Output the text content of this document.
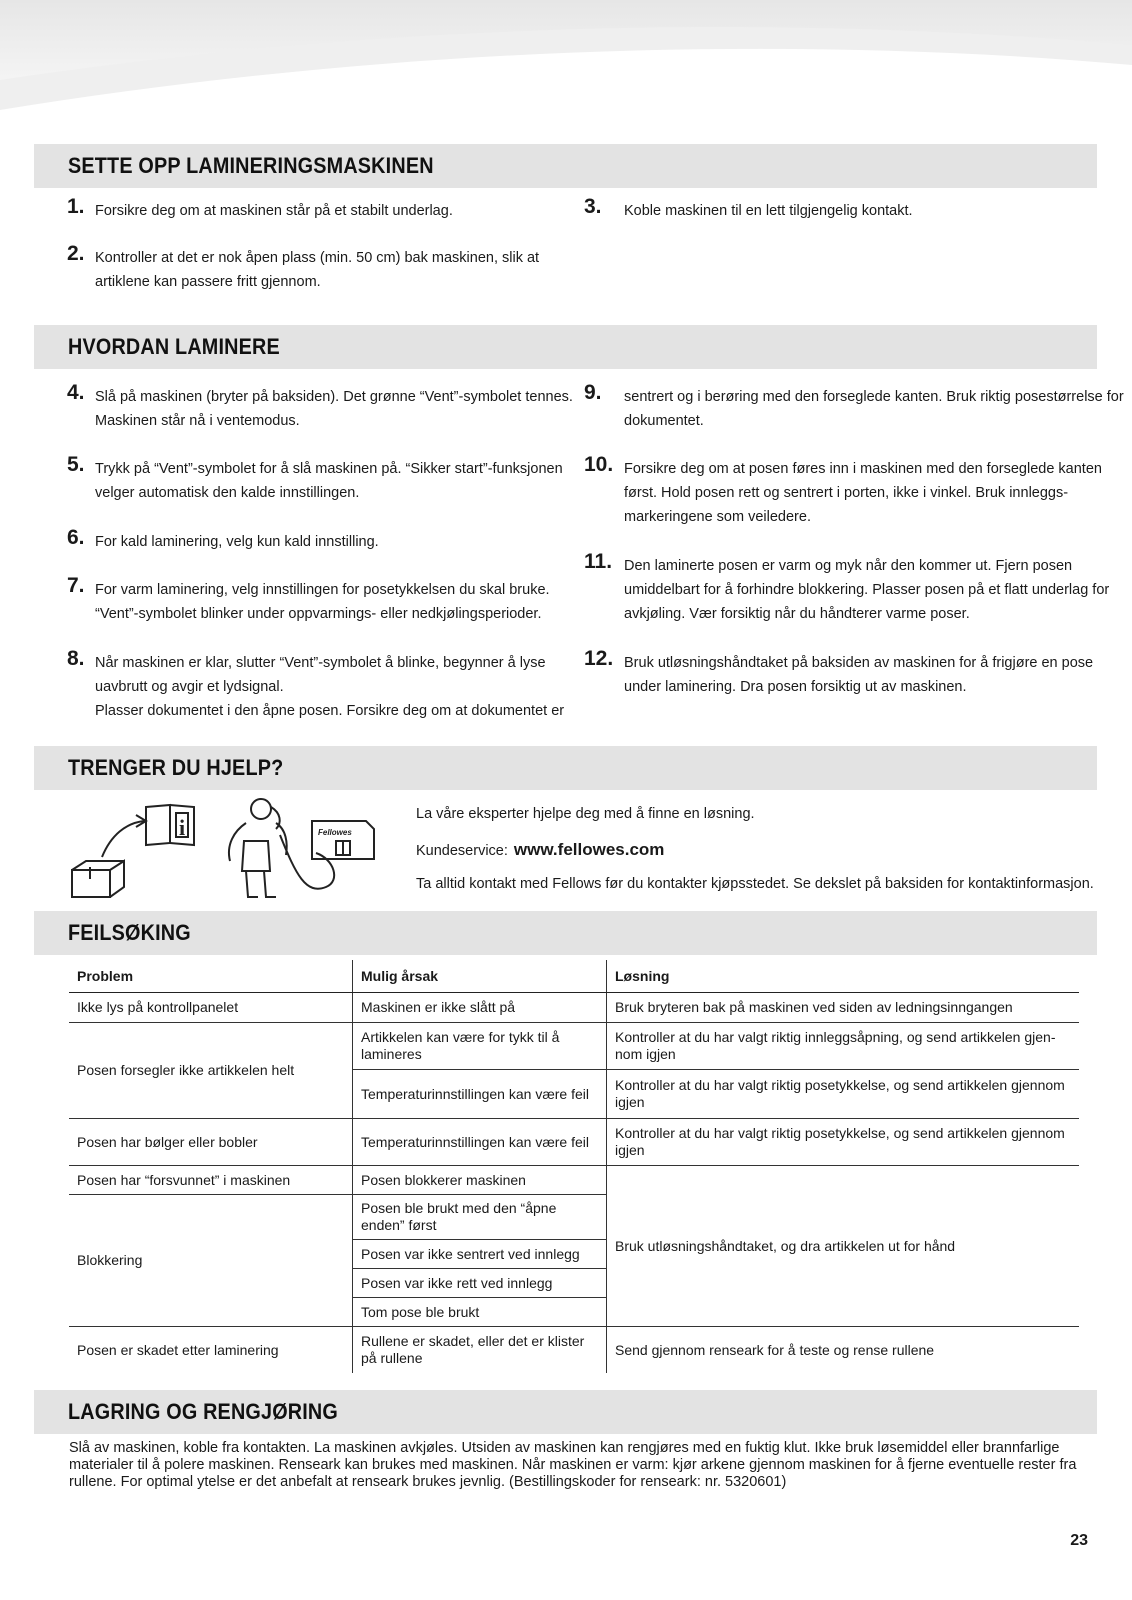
SETTE OPP LAMINERINGSMASKINEN
1. Forsikre deg om at maskinen står på et stabilt underlag.
2. Kontroller at det er nok åpen plass (min. 50 cm) bak maskinen, slik at
artiklene kan passere fritt gjennom.
3. Koble maskinen til en lett tilgjengelig kontakt.
HVORDAN LAMINERE
4. Slå på maskinen (bryter på baksiden). Det grønne “Vent”-symbolet tennes.
Maskinen står nå i ventemodus.
5. Trykk på “Vent”-symbolet for å slå maskinen på. “Sikker start”-funksjonen
velger automatisk den kalde innstillingen.
6. For kald laminering, velg kun kald innstilling.
7. For varm laminering, velg innstillingen for posetykkelsen du skal bruke.
“Vent”-symbolet blinker under oppvarmings- eller nedkjølingsperioder.
8. Når maskinen er klar, slutter “Vent”-symbolet å blinke, begynner å lyse
uavbrutt og avgir et lydsignal.
Plasser dokumentet i den åpne posen. Forsikre deg om at dokumentet er
9. sentrert og i berøring med den forseglede kanten. Bruk riktig posestørrelse for
dokumentet.
10. Forsikre deg om at posen føres inn i maskinen med den forseglede kanten
først. Hold posen rett og sentrert i porten, ikke i vinkel. Bruk innleggs-
markeringene som veiledere.
11. Den laminerte posen er varm og myk når den kommer ut. Fjern posen
umiddelbart for å forhindre blokkering. Plasser posen på et flatt underlag for
avkjøling. Vær forsiktig når du håndterer varme poser.
12. Bruk utløsningshåndtaket på baksiden av maskinen for å frigjøre en pose
under laminering. Dra posen forsiktig ut av maskinen.
TRENGER DU HJELP?
i	Fellowes
La våre eksperter hjelpe deg med å finne en løsning.
Kundeservice: www.fellowes.com
Ta alltid kontakt med Fellows før du kontakter kjøpsstedet. Se dekslet på baksiden for kontaktinformasjon.
FEILSØKING
Problem	Mulig årsak	Løsning
Ikke lys på kontrollpanelet	Maskinen er ikke slått på	Bruk bryteren bak på maskinen ved siden av ledningsinngangen
Posen forsegler ikke artikkelen helt	Artikkelen kan være for tykk til å lamineres	Kontroller at du har valgt riktig innleggsåpning, og send artikkelen gjen-nom igjen
	Temperaturinnstillingen kan være feil	Kontroller at du har valgt riktig posetykkelse, og send artikkelen gjennom igjen
Posen har bølger eller bobler	Temperaturinnstillingen kan være feil	Kontroller at du har valgt riktig posetykkelse, og send artikkelen gjennom igjen
Posen har “forsvunnet” i maskinen	Posen blokkerer maskinen	Bruk utløsningshåndtaket, og dra artikkelen ut for hånd
Blokkering	Posen ble brukt med den “åpne enden” først	
	Posen var ikke sentrert ved innlegg	
	Posen var ikke rett ved innlegg	
	Tom pose ble brukt	
Posen er skadet etter laminering	Rullene er skadet, eller det er klister på rullene	Send gjennom renseark for å teste og rense rullene
LAGRING OG RENGJØRING
Slå av maskinen, koble fra kontakten. La maskinen avkjøles. Utsiden av maskinen kan rengjøres med en fuktig klut. Ikke bruk løsemiddel eller brannfarlige materialer til å polere maskinen. Renseark kan brukes med maskinen. Når maskinen er varm: kjør arkene gjennom maskinen for å fjerne eventuelle rester fra rullene. For optimal ytelse er det anbefalt at renseark brukes jevnlig. (Bestillingskoder for renseark: nr. 5320601)
23
